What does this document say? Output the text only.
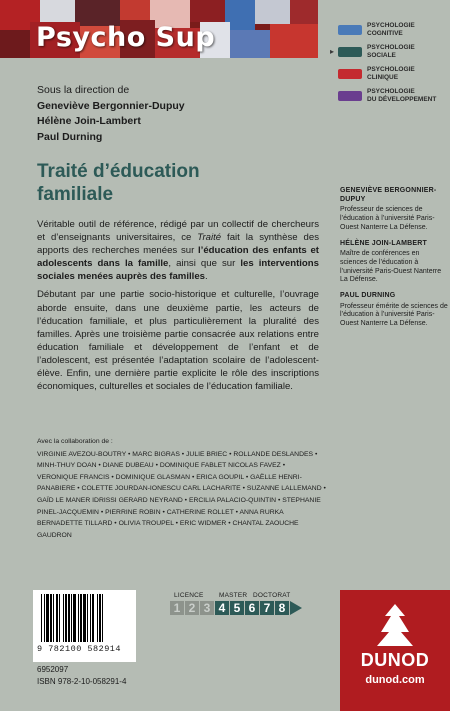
Psycho Sup	PSYCHOLOGIE
COGNITIVE
▸	PSYCHOLOGIE
SOCIALE
PSYCHOLOGIE
CLINIQUE
PSYCHOLOGIE
DU DÉVELOPPEMENT
Sous la direction de
Geneviève Bergonnier-Dupuy
Hélène Join-Lambert
Paul Durning
Traité d’éducation
familiale

Véritable outil de référence, rédigé par un collectif de chercheurs et d’enseignants universitaires, ce Traité fait la synthèse des apports des recherches menées sur l’éducation des enfants et adolescents dans la famille, ainsi que sur les interventions sociales menées auprès des familles.

Débutant par une partie socio-historique et culturelle, l’ouvrage aborde ensuite, dans une deuxième partie, les acteurs de l’éducation familiale, et plus particulièrement la pluralité des familles. Après une troisième partie consacrée aux relations entre éducation familiale et développement de l’enfant et de l’adolescent, est présentée l’adaptation scolaire de l’adolescent-élève. Enfin, une dernière partie explicite le rôle des inscriptions économiques, culturelles et sociales de l’éducation familiale.

GENEVIÈVE BERGONNIER-DUPUY
Professeur de sciences de l’éducation à l’université Paris-Ouest Nanterre La Défense.
HÉLÈNE JOIN-LAMBERT
Maître de conférences en sciences de l’éducation à l’université Paris-Ouest Nanterre La Défense.
PAUL DURNING
Professeur émérite de sciences de l’éducation à l’université Paris-Ouest Nanterre La Défense.
Avec la collaboration de :
VIRGINIE AVEZOU-BOUTRY • MARC BIGRAS • JULIE BRIEC • ROLLANDE DESLANDES • MINH-THUY DOAN • DIANE DUBEAU • DOMINIQUE FABLET NICOLAS FAVEZ • VERONIQUE FRANCIS • DOMINIQUE GLASMAN • ERICA GOUPIL • GAËLLE HENRI-PANABIERE • COLETTE JOURDAN-IONESCU CARL LACHARITE • SUZANNE LALLEMAND • GAÏD LE MANER IDRISSI GERARD NEYRAND • ERCILIA PALACIO-QUINTIN • STEPHANIE PINEL-JACQUEMIN • PIERRINE ROBIN • CATHERINE ROLLET • ANNA RURKA BERNADETTE TILLARD • OLIVIA TROUPEL • ERIC WIDMER • CHANTAL ZAOUCHE GAUDRON
LICENCE MASTER DOCTORAT
1 2 3 4 5 6 7 8
9 782100 582914
6952097
ISBN 978-2-10-058291-4
DUNOD
dunod.com
